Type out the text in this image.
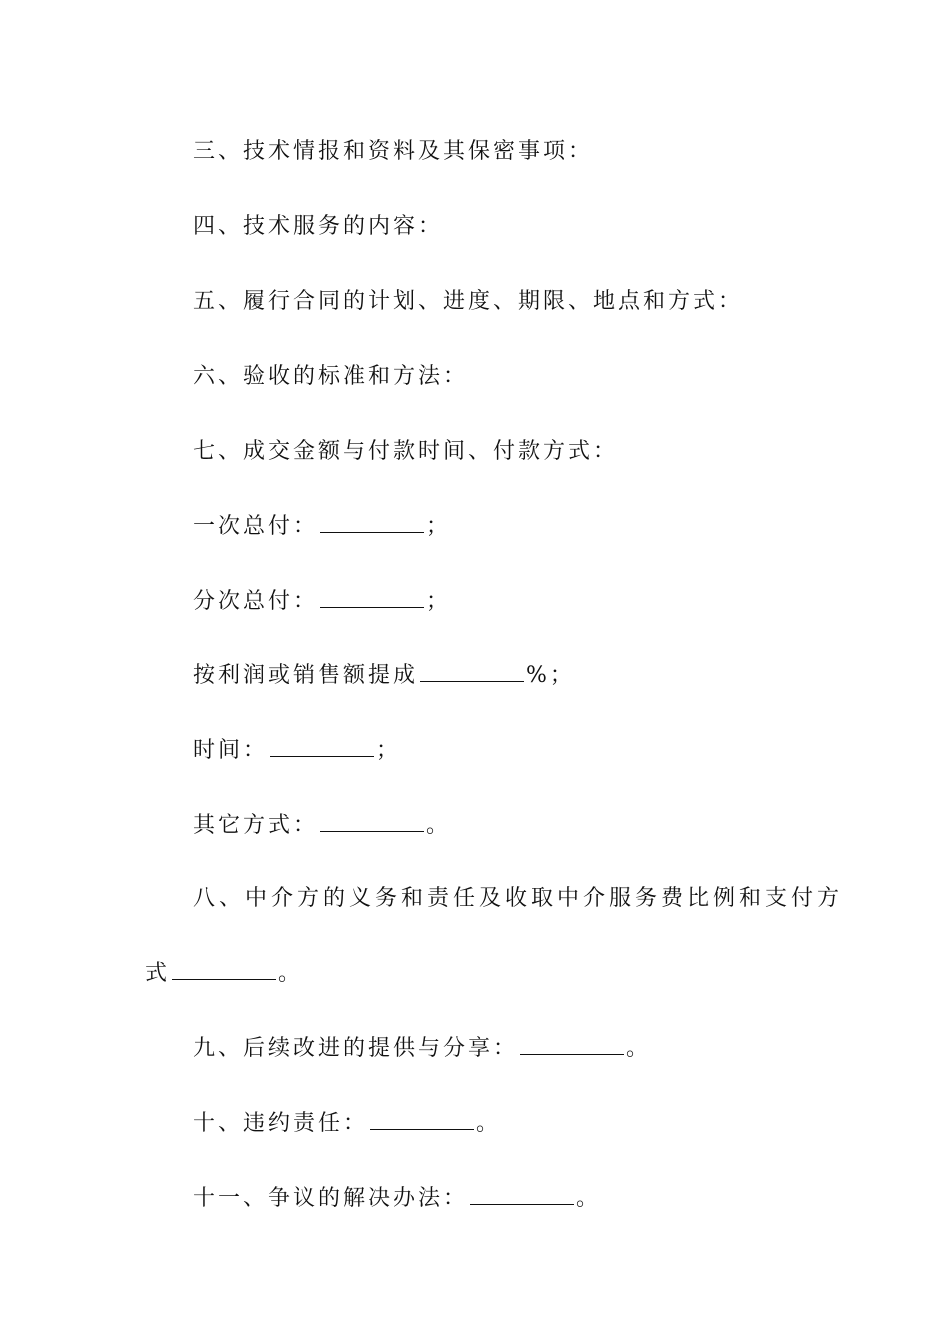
三、技术情报和资料及其保密事项：
四、技术服务的内容：
五、履行合同的计划、进度、期限、地点和方式：
六、验收的标准和方法：
七、成交金额与付款时间、付款方式：
一次总付：	；
分次总付：	；
按利润或销售额提成	%；
时间：	；
其它方式：	。
八、中介方的义务和责任及收取中介服务费比例和支付方
式	。
九、后续改进的提供与分享：	。
十、违约责任：	。
十一、争议的解决办法：	。
